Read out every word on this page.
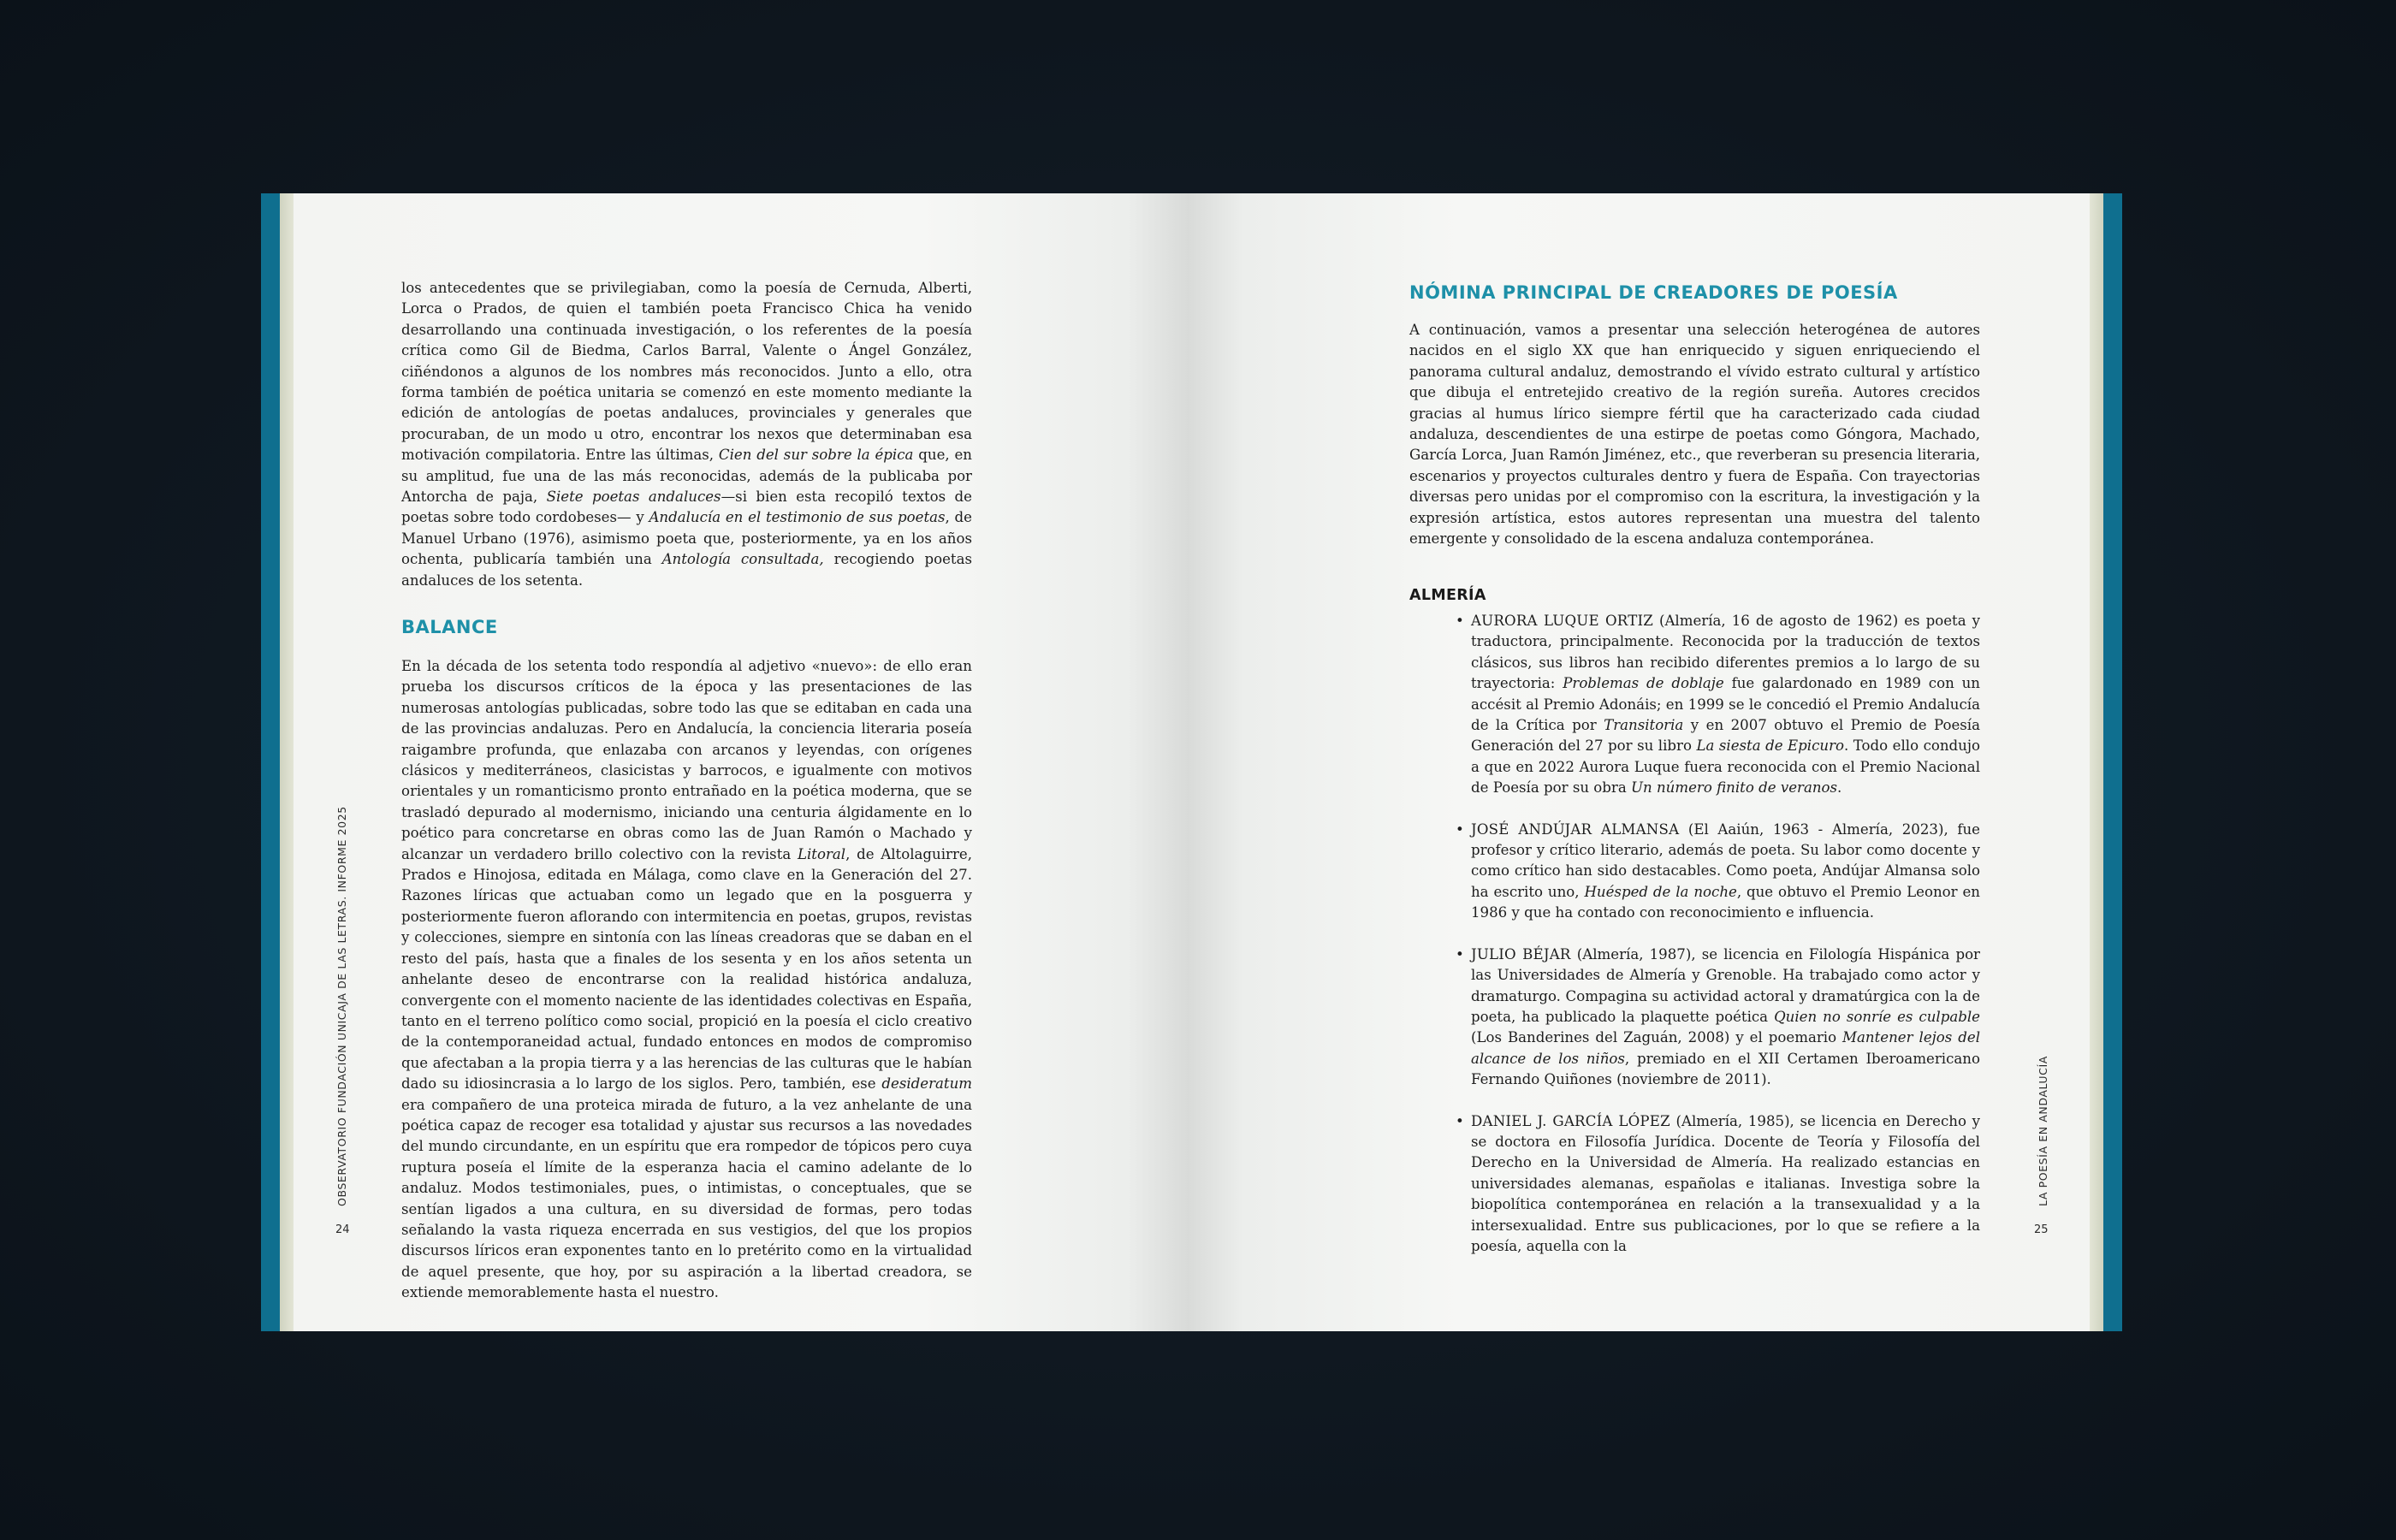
los antecedentes que se privilegiaban, como la poesía de Cernuda, Alberti, Lorca o Prados, de quien el también poeta Francisco Chica ha venido desarrollando una continuada investigación, o los referentes de la poesía crítica como Gil de Biedma, Carlos Barral, Valente o Ángel González, ciñéndonos a algunos de los nombres más reconocidos. Junto a ello, otra forma también de poética unitaria se comenzó en este momento mediante la edición de antologías de poetas andaluces, provinciales y generales que procuraban, de un modo u otro, encontrar los nexos que determinaban esa motivación compilatoria. Entre las últimas, Cien del sur sobre la épica que, en su amplitud, fue una de las más reconocidas, además de la publicaba por Antorcha de paja, Siete poetas andaluces—si bien esta recopiló textos de poetas sobre todo cordobeses— y Andalucía en el testimonio de sus poetas, de Manuel Urbano (1976), asimismo poeta que, posteriormente, ya en los años ochenta, publicaría también una Antología consultada, recogiendo poetas andaluces de los setenta.
BALANCE
En la década de los setenta todo respondía al adjetivo «nuevo»: de ello eran prueba los discursos críticos de la época y las presentaciones de las numerosas antologías publicadas, sobre todo las que se editaban en cada una de las provincias andaluzas. Pero en Andalucía, la conciencia literaria poseía raigambre profunda, que enlazaba con arcanos y leyendas, con orígenes clásicos y mediterráneos, clasicistas y barrocos, e igualmente con motivos orientales y un romanticismo pronto entrañado en la poética moderna, que se trasladó depurado al modernismo, iniciando una centuria álgidamente en lo poético para concretarse en obras como las de Juan Ramón o Machado y alcanzar un verdadero brillo colectivo con la revista Litoral, de Altolaguirre, Prados e Hinojosa, editada en Málaga, como clave en la Generación del 27. Razones líricas que actuaban como un legado que en la posguerra y posteriormente fueron aflorando con intermitencia en poetas, grupos, revistas y colecciones, siempre en sintonía con las líneas creadoras que se daban en el resto del país, hasta que a finales de los sesenta y en los años setenta un anhelante deseo de encontrarse con la realidad histórica andaluza, convergente con el momento naciente de las identidades colectivas en España, tanto en el terreno político como social, propició en la poesía el ciclo creativo de la contemporaneidad actual, fundado entonces en modos de compromiso que afectaban a la propia tierra y a las herencias de las culturas que le habían dado su idiosincrasia a lo largo de los siglos. Pero, también, ese desideratum era compañero de una proteica mirada de futuro, a la vez anhelante de una poética capaz de recoger esa totalidad y ajustar sus recursos a las novedades del mundo circundante, en un espíritu que era rompedor de tópicos pero cuya ruptura poseía el límite de la esperanza hacia el camino adelante de lo andaluz. Modos testimoniales, pues, o intimistas, o conceptuales, que se sentían ligados a una cultura, en su diversidad de formas, pero todas señalando la vasta riqueza encerrada en sus vestigios, del que los propios discursos líricos eran exponentes tanto en lo pretérito como en la virtualidad de aquel presente, que hoy, por su aspiración a la libertad creadora, se extiende memorablemente hasta el nuestro.
OBSERVATORIO FUNDACIÓN UNICAJA DE LAS LETRAS. INFORME 2025
24
NÓMINA PRINCIPAL DE CREADORES DE POESÍA
A continuación, vamos a presentar una selección heterogénea de autores nacidos en el siglo XX que han enriquecido y siguen enriqueciendo el panorama cultural andaluz, demostrando el vívido estrato cultural y artístico que dibuja el entretejido creativo de la región sureña. Autores crecidos gracias al humus lírico siempre fértil que ha caracterizado cada ciudad andaluza, descendientes de una estirpe de poetas como Góngora, Machado, García Lorca, Juan Ramón Jiménez, etc., que reverberan su presencia literaria, escenarios y proyectos culturales dentro y fuera de España. Con trayectorias diversas pero unidas por el compromiso con la escritura, la investigación y la expresión artística, estos autores representan una muestra del talento emergente y consolidado de la escena andaluza contemporánea.
ALMERÍA
• AURORA LUQUE ORTIZ (Almería, 16 de agosto de 1962) es poeta y traductora, principalmente. Reconocida por la traducción de textos clásicos, sus libros han recibido diferentes premios a lo largo de su trayectoria: Problemas de doblaje fue galardonado en 1989 con un accésit al Premio Adonáis; en 1999 se le concedió el Premio Andalucía de la Crítica por Transitoria y en 2007 obtuvo el Premio de Poesía Generación del 27 por su libro La siesta de Epicuro. Todo ello condujo a que en 2022 Aurora Luque fuera reconocida con el Premio Nacional de Poesía por su obra Un número finito de veranos.
• JOSÉ ANDÚJAR ALMANSA (El Aaiún, 1963 - Almería, 2023), fue profesor y crítico literario, además de poeta. Su labor como docente y como crítico han sido destacables. Como poeta, Andújar Almansa solo ha escrito uno, Huésped de la noche, que obtuvo el Premio Leonor en 1986 y que ha contado con reconocimiento e influencia.
• JULIO BÉJAR (Almería, 1987), se licencia en Filología Hispánica por las Universidades de Almería y Grenoble. Ha trabajado como actor y dramaturgo. Compagina su actividad actoral y dramatúrgica con la de poeta, ha publicado la plaquette poética Quien no sonríe es culpable (Los Banderines del Zaguán, 2008) y el poemario Mantener lejos del alcance de los niños, premiado en el XII Certamen Iberoamericano Fernando Quiñones (noviembre de 2011).
• DANIEL J. GARCÍA LÓPEZ (Almería, 1985), se licencia en Derecho y se doctora en Filosofía Jurídica. Docente de Teoría y Filosofía del Derecho en la Universidad de Almería. Ha realizado estancias en universidades alemanas, españolas e italianas. Investiga sobre la biopolítica contemporánea en relación a la transexualidad y a la intersexualidad. Entre sus publicaciones, por lo que se refiere a la poesía, aquella con la
LA POESÍA EN ANDALUCÍA
25
